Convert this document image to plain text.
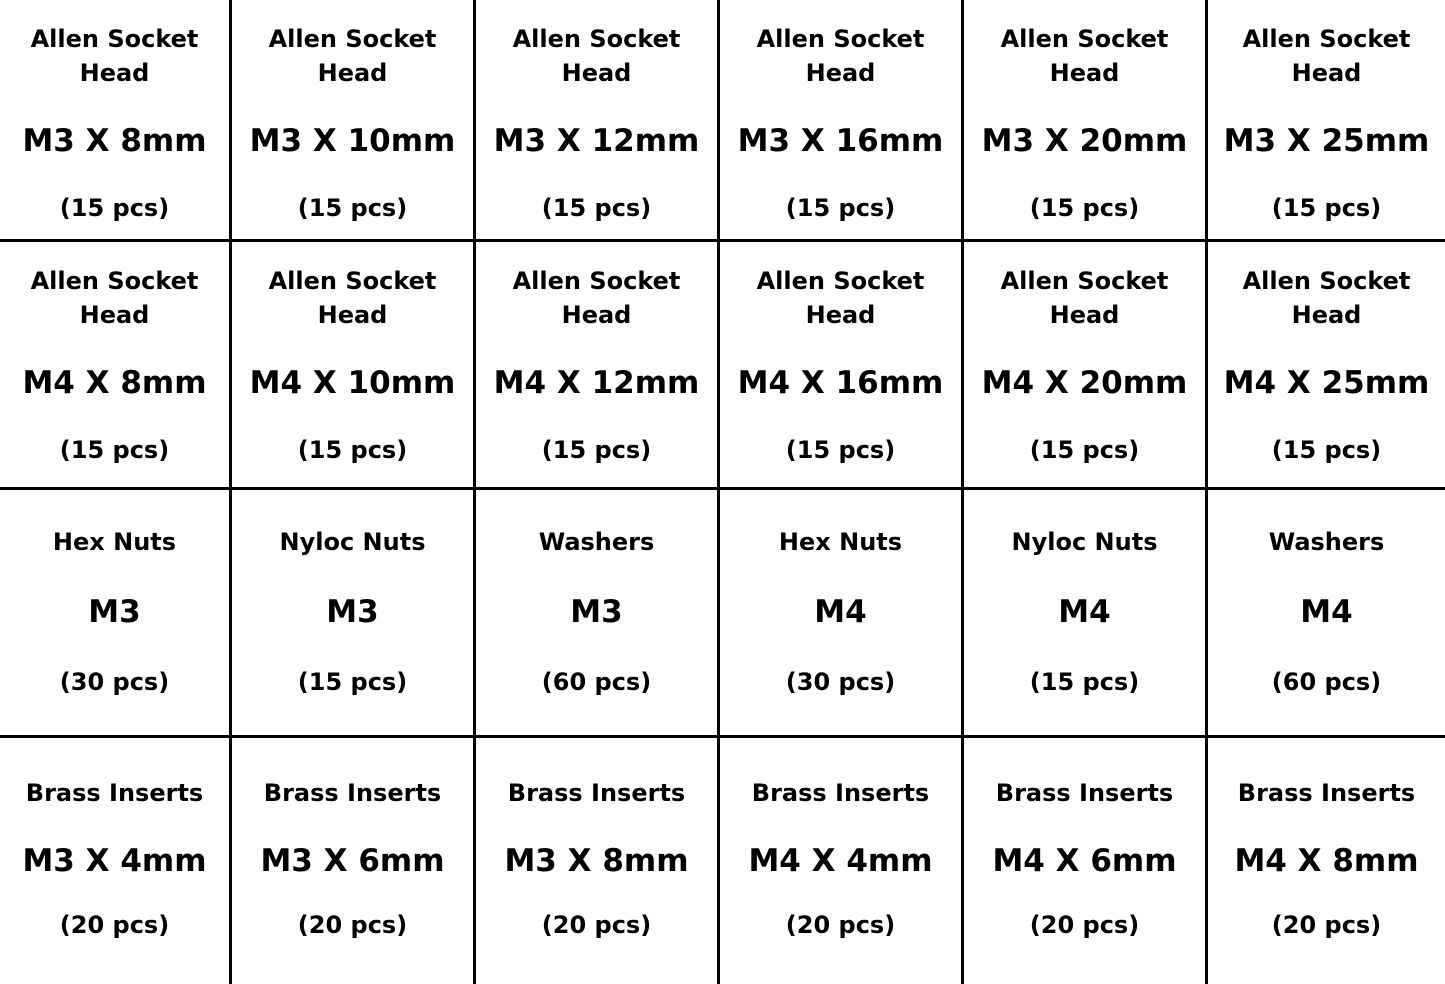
Allen Socket
Head
M3 X 8mm
(15 pcs)
Allen Socket
Head
M3 X 10mm
(15 pcs)
Allen Socket
Head
M3 X 12mm
(15 pcs)
Allen Socket
Head
M3 X 16mm
(15 pcs)
Allen Socket
Head
M3 X 20mm
(15 pcs)
Allen Socket
Head
M3 X 25mm
(15 pcs)
Allen Socket
Head
M4 X 8mm
(15 pcs)
Allen Socket
Head
M4 X 10mm
(15 pcs)
Allen Socket
Head
M4 X 12mm
(15 pcs)
Allen Socket
Head
M4 X 16mm
(15 pcs)
Allen Socket
Head
M4 X 20mm
(15 pcs)
Allen Socket
Head
M4 X 25mm
(15 pcs)
Hex Nuts
M3
(30 pcs)
Nyloc Nuts
M3
(15 pcs)
Washers
M3
(60 pcs)
Hex Nuts
M4
(30 pcs)
Nyloc Nuts
M4
(15 pcs)
Washers
M4
(60 pcs)
Brass Inserts
M3 X 4mm
(20 pcs)
Brass Inserts
M3 X 6mm
(20 pcs)
Brass Inserts
M3 X 8mm
(20 pcs)
Brass Inserts
M4 X 4mm
(20 pcs)
Brass Inserts
M4 X 6mm
(20 pcs)
Brass Inserts
M4 X 8mm
(20 pcs)
